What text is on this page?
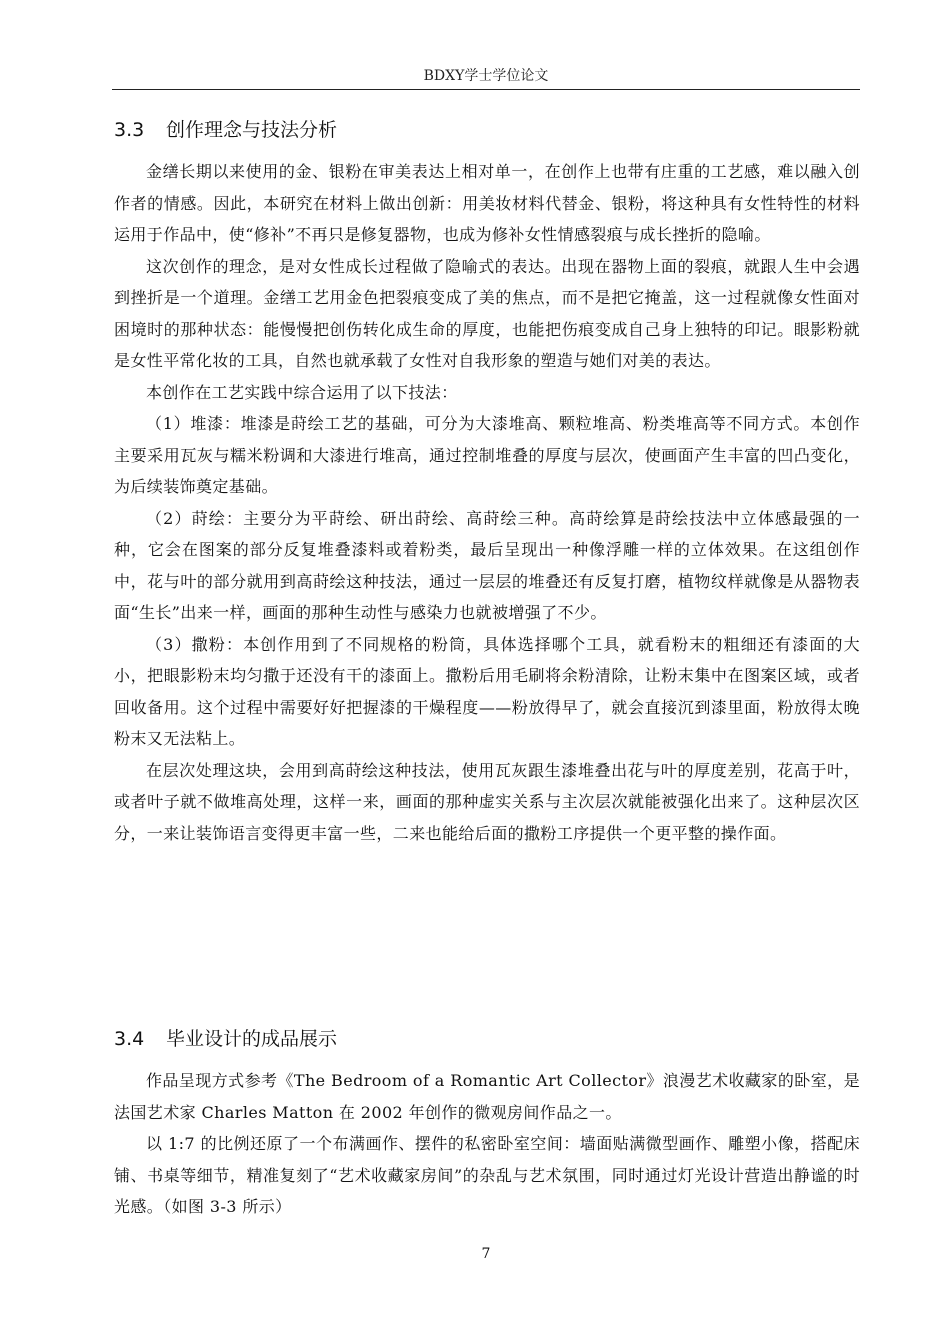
BDXY学士学位论文
3.3 创作理念与技法分析

金缮长期以来使用的金、银粉在审美表达上相对单一，在创作上也带有庄重的工艺感，难以融入创作者的情感。因此，本研究在材料上做出创新：用美妆材料代替金、银粉，将这种具有女性特性的材料运用于作品中，使“修补”不再只是修复器物，也成为修补女性情感裂痕与成长挫折的隐喻。

这次创作的理念，是对女性成长过程做了隐喻式的表达。出现在器物上面的裂痕，就跟人生中会遇到挫折是一个道理。金缮工艺用金色把裂痕变成了美的焦点，而不是把它掩盖，这一过程就像女性面对困境时的那种状态：能慢慢把创伤转化成生命的厚度，也能把伤痕变成自己身上独特的印记。眼影粉就是女性平常化妆的工具，自然也就承载了女性对自我形象的塑造与她们对美的表达。

本创作在工艺实践中综合运用了以下技法：

（1）堆漆：堆漆是莳绘工艺的基础，可分为大漆堆高、颗粒堆高、粉类堆高等不同方式。本创作主要采用瓦灰与糯米粉调和大漆进行堆高，通过控制堆叠的厚度与层次，使画面产生丰富的凹凸变化，为后续装饰奠定基础。

（2）莳绘：主要分为平莳绘、研出莳绘、高莳绘三种。高莳绘算是莳绘技法中立体感最强的一种，它会在图案的部分反复堆叠漆料或着粉类，最后呈现出一种像浮雕一样的立体效果。在这组创作中，花与叶的部分就用到高莳绘这种技法，通过一层层的堆叠还有反复打磨，植物纹样就像是从器物表面“生长”出来一样，画面的那种生动性与感染力也就被增强了不少。

（3）撒粉：本创作用到了不同规格的粉筒，具体选择哪个工具，就看粉末的粗细还有漆面的大小，把眼影粉末均匀撒于还没有干的漆面上。撒粉后用毛刷将余粉清除，让粉末集中在图案区域，或者回收备用。这个过程中需要好好把握漆的干燥程度——粉放得早了，就会直接沉到漆里面，粉放得太晚粉末又无法粘上。

在层次处理这块，会用到高莳绘这种技法，使用瓦灰跟生漆堆叠出花与叶的厚度差别，花高于叶，或者叶子就不做堆高处理，这样一来，画面的那种虚实关系与主次层次就能被强化出来了。这种层次区分，一来让装饰语言变得更丰富一些，二来也能给后面的撒粉工序提供一个更平整的操作面。

3.4 毕业设计的成品展示

作品呈现方式参考《The Bedroom of a Romantic Art Collector》浪漫艺术收藏家的卧室，是法国艺术家 Charles Matton 在 2002 年创作的微观房间作品之一。

以 1:7 的比例还原了一个布满画作、摆件的私密卧室空间：墙面贴满微型画作、雕塑小像，搭配床铺、书桌等细节，精准复刻了“艺术收藏家房间”的杂乱与艺术氛围，同时通过灯光设计营造出静谧的时光感。（如图 3-3 所示）

7
